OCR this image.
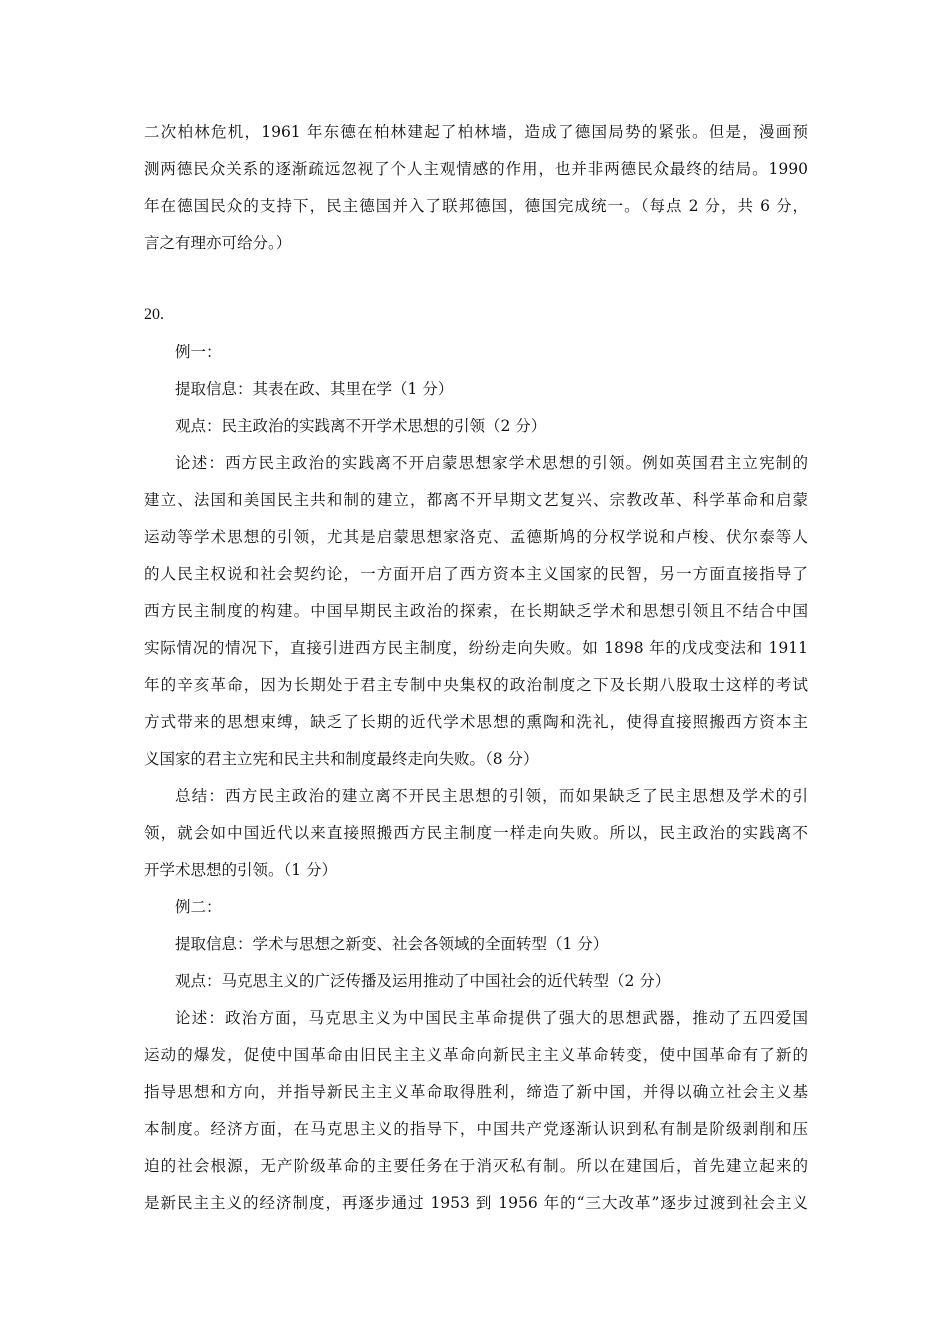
二次柏林危机，1961 年东德在柏林建起了柏林墙，造成了德国局势的紧张。但是，漫画预
测两德民众关系的逐渐疏远忽视了个人主观情感的作用，也并非两德民众最终的结局。1990
年在德国民众的支持下，民主德国并入了联邦德国，德国完成统一。（每点 2 分，共 6 分，
言之有理亦可给分。）
20.
例一：
提取信息：其表在政、其里在学（1 分）
观点：民主政治的实践离不开学术思想的引领（2 分）
论述：西方民主政治的实践离不开启蒙思想家学术思想的引领。例如英国君主立宪制的
建立、法国和美国民主共和制的建立，都离不开早期文艺复兴、宗教改革、科学革命和启蒙
运动等学术思想的引领，尤其是启蒙思想家洛克、孟德斯鸠的分权学说和卢梭、伏尔泰等人
的人民主权说和社会契约论，一方面开启了西方资本主义国家的民智，另一方面直接指导了
西方民主制度的构建。中国早期民主政治的探索，在长期缺乏学术和思想引领且不结合中国
实际情况的情况下，直接引进西方民主制度，纷纷走向失败。如 1898 年的戊戌变法和 1911
年的辛亥革命，因为长期处于君主专制中央集权的政治制度之下及长期八股取士这样的考试
方式带来的思想束缚，缺乏了长期的近代学术思想的熏陶和洗礼，使得直接照搬西方资本主
义国家的君主立宪和民主共和制度最终走向失败。（8 分）
总结：西方民主政治的建立离不开民主思想的引领，而如果缺乏了民主思想及学术的引
领，就会如中国近代以来直接照搬西方民主制度一样走向失败。所以，民主政治的实践离不
开学术思想的引领。（1 分）
例二：
提取信息：学术与思想之新变、社会各领域的全面转型（1 分）
观点：马克思主义的广泛传播及运用推动了中国社会的近代转型（2 分）
论述：政治方面，马克思主义为中国民主革命提供了强大的思想武器，推动了五四爱国
运动的爆发，促使中国革命由旧民主主义革命向新民主主义革命转变，使中国革命有了新的
指导思想和方向，并指导新民主主义革命取得胜利，缔造了新中国，并得以确立社会主义基
本制度。经济方面，在马克思主义的指导下，中国共产党逐渐认识到私有制是阶级剥削和压
迫的社会根源，无产阶级革命的主要任务在于消灭私有制。所以在建国后，首先建立起来的
是新民主主义的经济制度，再逐步通过 1953 到 1956 年的“三大改革”逐步过渡到社会主义
